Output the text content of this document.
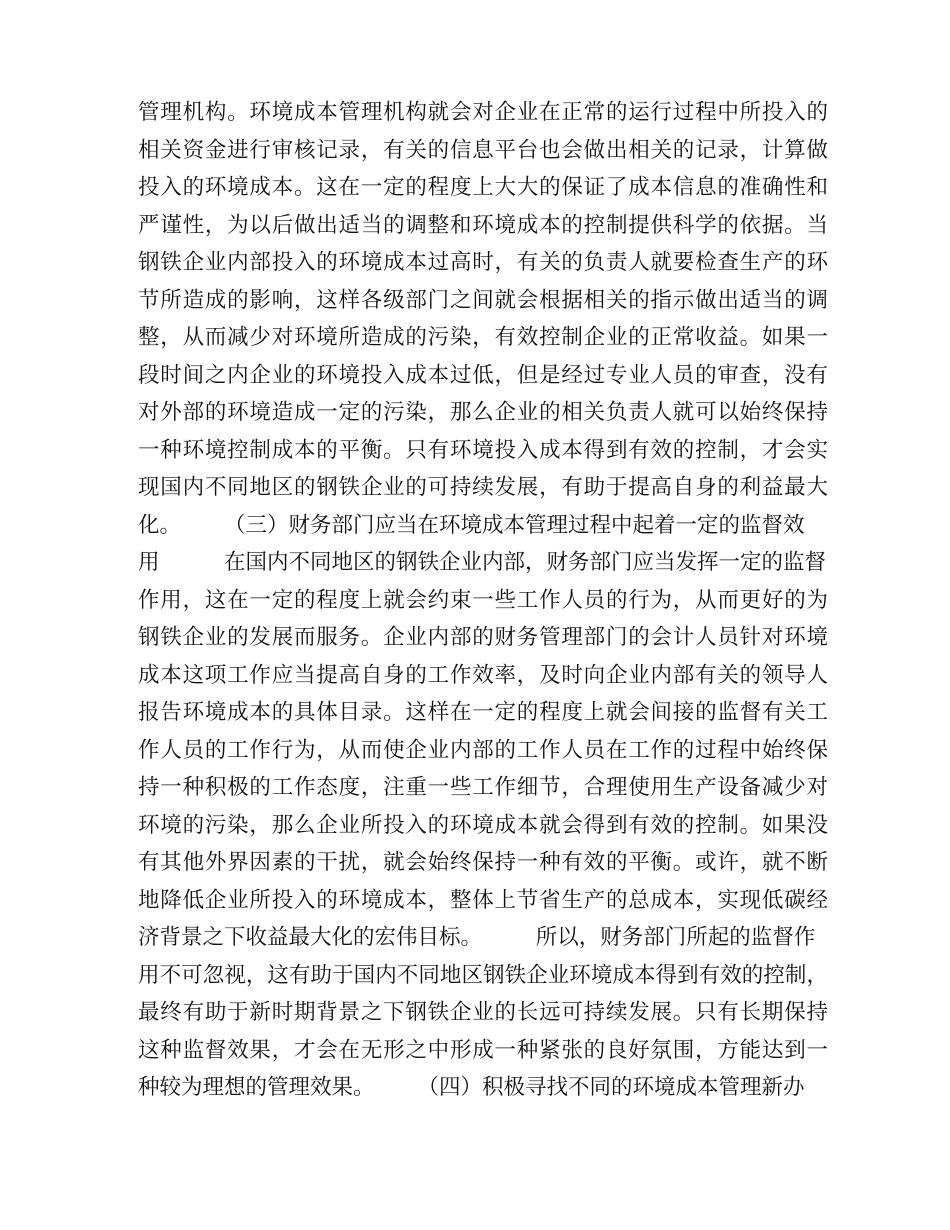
管理机构。环境成本管理机构就会对企业在正常的运行过程中所投入的
相关资金进行审核记录，有关的信息平台也会做出相关的记录，计算做
投入的环境成本。这在一定的程度上大大的保证了成本信息的准确性和
严谨性，为以后做出适当的调整和环境成本的控制提供科学的依据。当
钢铁企业内部投入的环境成本过高时，有关的负责人就要检查生产的环
节所造成的影响，这样各级部门之间就会根据相关的指示做出适当的调
整，从而减少对环境所造成的污染，有效控制企业的正常收益。如果一
段时间之内企业的环境投入成本过低，但是经过专业人员的审查，没有
对外部的环境造成一定的污染，那么企业的相关负责人就可以始终保持
一种环境控制成本的平衡。只有环境投入成本得到有效的控制，才会实
现国内不同地区的钢铁企业的可持续发展，有助于提高自身的利益最大
化。　　　（三）财务部门应当在环境成本管理过程中起着一定的监督效
用　　　在国内不同地区的钢铁企业内部，财务部门应当发挥一定的监督
作用，这在一定的程度上就会约束一些工作人员的行为，从而更好的为
钢铁企业的发展而服务。企业内部的财务管理部门的会计人员针对环境
成本这项工作应当提高自身的工作效率，及时向企业内部有关的领导人
报告环境成本的具体目录。这样在一定的程度上就会间接的监督有关工
作人员的工作行为，从而使企业内部的工作人员在工作的过程中始终保
持一种积极的工作态度，注重一些工作细节，合理使用生产设备减少对
环境的污染，那么企业所投入的环境成本就会得到有效的控制。如果没
有其他外界因素的干扰，就会始终保持一种有效的平衡。或许，就不断
地降低企业所投入的环境成本，整体上节省生产的总成本，实现低碳经
济背景之下收益最大化的宏伟目标。　　　所以，财务部门所起的监督作
用不可忽视，这有助于国内不同地区钢铁企业环境成本得到有效的控制，
最终有助于新时期背景之下钢铁企业的长远可持续发展。只有长期保持
这种监督效果，才会在无形之中形成一种紧张的良好氛围，方能达到一
种较为理想的管理效果。　　　（四）积极寻找不同的环境成本管理新办
